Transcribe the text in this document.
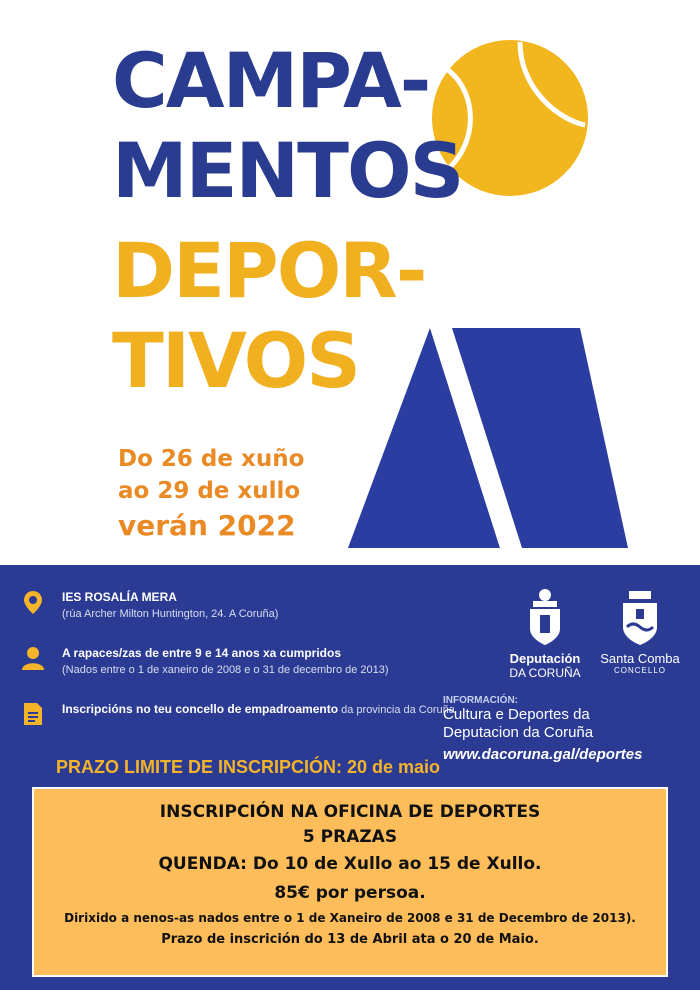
CAMPA-
MENTOS
DEPOR-
TIVOS
Do 26 de xuño
ao 29 de xullo
verán 2022
IES ROSALÍA MERA
(rúa Archer Milton Huntington, 24. A Coruña)
A rapaces/zas de entre 9 e 14 anos xa cumpridos
(Nados entre o 1 de xaneiro de 2008 e o 31 de decembro de 2013)
Inscripcións no teu concello de empadroamento da provincia da Coruña
PRAZO LIMITE DE INSCRIPCIÓN: 20 de maio
Deputación
DA CORUÑA
Santa Comba
CONCELLO
INFORMACIÓN:
Cultura e Deportes da
Deputacion da Coruña
www.dacoruna.gal/deportes
INSCRIPCIÓN NA OFICINA DE DEPORTES
5 PRAZAS
QUENDA: Do 10 de Xullo ao 15 de Xullo.
85€ por persoa.
Dirixido a nenos-as nados entre o 1 de Xaneiro de 2008 e 31 de Decembro de 2013).
Prazo de inscrición do 13 de Abril ata o 20 de Maio.
